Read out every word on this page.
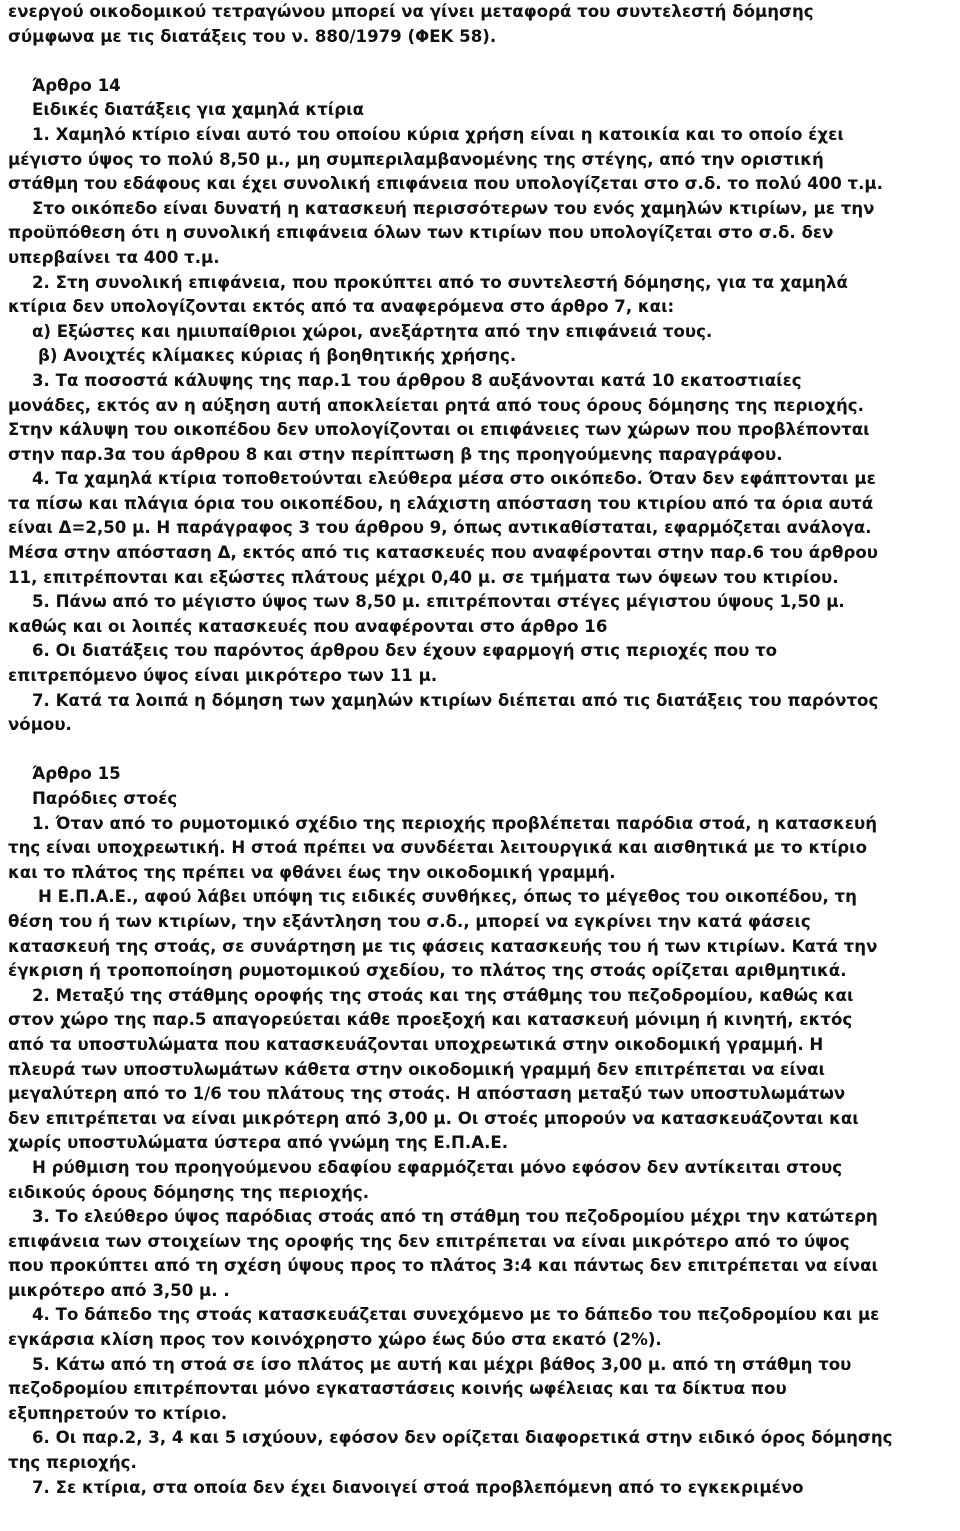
ενεργού οικοδομικού τετραγώνου μπορεί να γίνει μεταφορά του συντελεστή δόμησης
σύμφωνα με τις διατάξεις του ν. 880/1979 (ΦΕΚ 58).
Άρθρο 14
Ειδικές διατάξεις για χαμηλά κτίρια
1. Χαμηλό κτίριο είναι αυτό του οποίου κύρια χρήση είναι η κατοικία και το οποίο έχει
μέγιστο ύψος το πολύ 8,50 μ., μη συμπεριλαμβανομένης της στέγης, από την οριστική
στάθμη του εδάφους και έχει συνολική επιφάνεια που υπολογίζεται στο σ.δ. το πολύ 400 τ.μ.
Στο οικόπεδο είναι δυνατή η κατασκευή περισσότερων του ενός χαμηλών κτιρίων, με την
προϋπόθεση ότι η συνολική επιφάνεια όλων των κτιρίων που υπολογίζεται στο σ.δ. δεν
υπερβαίνει τα 400 τ.μ.
2. Στη συνολική επιφάνεια, που προκύπτει από το συντελεστή δόμησης, για τα χαμηλά
κτίρια δεν υπολογίζονται εκτός από τα αναφερόμενα στο άρθρο 7, και:
α) Εξώστες και ημιυπαίθριοι χώροι, ανεξάρτητα από την επιφάνειά τους.
β) Ανοιχτές κλίμακες κύριας ή βοηθητικής χρήσης.
3. Τα ποσοστά κάλυψης της παρ.1 του άρθρου 8 αυξάνονται κατά 10 εκατοστιαίες
μονάδες, εκτός αν η αύξηση αυτή αποκλείεται ρητά από τους όρους δόμησης της περιοχής.
Στην κάλυψη του οικοπέδου δεν υπολογίζονται οι επιφάνειες των χώρων που προβλέπονται
στην παρ.3α του άρθρου 8 και στην περίπτωση β της προηγούμενης παραγράφου.
4. Τα χαμηλά κτίρια τοποθετούνται ελεύθερα μέσα στο οικόπεδο. Όταν δεν εφάπτονται με
τα πίσω και πλάγια όρια του οικοπέδου, η ελάχιστη απόσταση του κτιρίου από τα όρια αυτά
είναι Δ=2,50 μ. Η παράγραφος 3 του άρθρου 9, όπως αντικαθίσταται, εφαρμόζεται ανάλογα.
Μέσα στην απόσταση Δ, εκτός από τις κατασκευές που αναφέρονται στην παρ.6 του άρθρου
11, επιτρέπονται και εξώστες πλάτους μέχρι 0,40 μ. σε τμήματα των όψεων του κτιρίου.
5. Πάνω από το μέγιστο ύψος των 8,50 μ. επιτρέπονται στέγες μέγιστου ύψους 1,50 μ.
καθώς και οι λοιπές κατασκευές που αναφέρονται στο άρθρο 16
6. Οι διατάξεις του παρόντος άρθρου δεν έχουν εφαρμογή στις περιοχές που το
επιτρεπόμενο ύψος είναι μικρότερο των 11 μ.
7. Κατά τα λοιπά η δόμηση των χαμηλών κτιρίων διέπεται από τις διατάξεις του παρόντος
νόμου.
Άρθρο 15
Παρόδιες στοές
1. Όταν από το ρυμοτομικό σχέδιο της περιοχής προβλέπεται παρόδια στοά, η κατασκευή
της είναι υποχρεωτική. Η στοά πρέπει να συνδέεται λειτουργικά και αισθητικά με το κτίριο
και το πλάτος της πρέπει να φθάνει έως την οικοδομική γραμμή.
Η Ε.Π.Α.Ε., αφού λάβει υπόψη τις ειδικές συνθήκες, όπως το μέγεθος του οικοπέδου, τη
θέση του ή των κτιρίων, την εξάντληση του σ.δ., μπορεί να εγκρίνει την κατά φάσεις
κατασκευή της στοάς, σε συνάρτηση με τις φάσεις κατασκευής του ή των κτιρίων. Κατά την
έγκριση ή τροποποίηση ρυμοτομικού σχεδίου, το πλάτος της στοάς ορίζεται αριθμητικά.
2. Μεταξύ της στάθμης οροφής της στοάς και της στάθμης του πεζοδρομίου, καθώς και
στον χώρο της παρ.5 απαγορεύεται κάθε προεξοχή και κατασκευή μόνιμη ή κινητή, εκτός
από τα υποστυλώματα που κατασκευάζονται υποχρεωτικά στην οικοδομική γραμμή. Η
πλευρά των υποστυλωμάτων κάθετα στην οικοδομική γραμμή δεν επιτρέπεται να είναι
μεγαλύτερη από το 1/6 του πλάτους της στοάς. Η απόσταση μεταξύ των υποστυλωμάτων
δεν επιτρέπεται να είναι μικρότερη από 3,00 μ. Οι στοές μπορούν να κατασκευάζονται και
χωρίς υποστυλώματα ύστερα από γνώμη της Ε.Π.Α.Ε.
Η ρύθμιση του προηγούμενου εδαφίου εφαρμόζεται μόνο εφόσον δεν αντίκειται στους
ειδικούς όρους δόμησης της περιοχής.
3. Το ελεύθερο ύψος παρόδιας στοάς από τη στάθμη του πεζοδρομίου μέχρι την κατώτερη
επιφάνεια των στοιχείων της οροφής της δεν επιτρέπεται να είναι μικρότερο από το ύψος
που προκύπτει από τη σχέση ύψους προς το πλάτος 3:4 και πάντως δεν επιτρέπεται να είναι
μικρότερο από 3,50 μ. .
4. Το δάπεδο της στοάς κατασκευάζεται συνεχόμενο με το δάπεδο του πεζοδρομίου και με
εγκάρσια κλίση προς τον κοινόχρηστο χώρο έως δύο στα εκατό (2%).
5. Κάτω από τη στοά σε ίσο πλάτος με αυτή και μέχρι βάθος 3,00 μ. από τη στάθμη του
πεζοδρομίου επιτρέπονται μόνο εγκαταστάσεις κοινής ωφέλειας και τα δίκτυα που
εξυπηρετούν το κτίριο.
6. Οι παρ.2, 3, 4 και 5 ισχύουν, εφόσον δεν ορίζεται διαφορετικά στην ειδικό όρος δόμησης
της περιοχής.
7. Σε κτίρια, στα οποία δεν έχει διανοιγεί στοά προβλεπόμενη από το εγκεκριμένο
